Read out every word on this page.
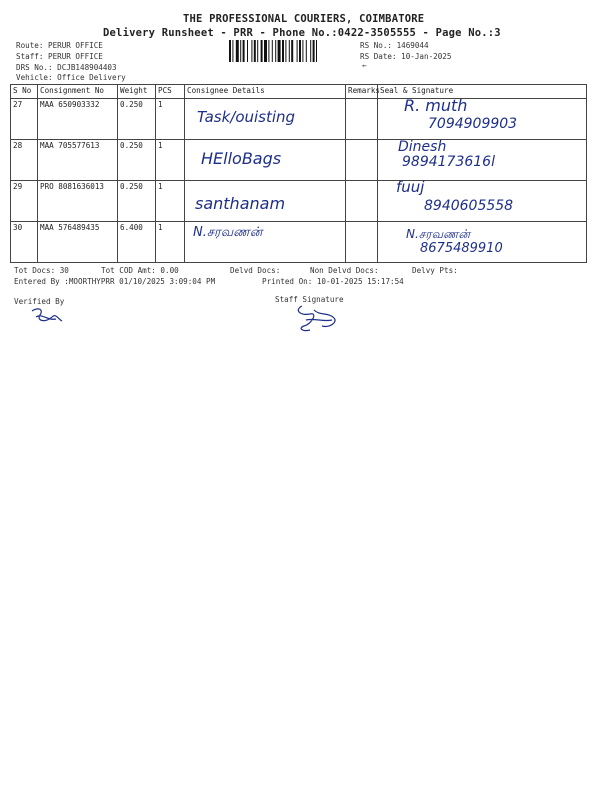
THE PROFESSIONAL COURIERS, COIMBATORE
Delivery Runsheet - PRR - Phone No.:0422-3505555 - Page No.:3
Route: PERUR OFFICE
Staff: PERUR OFFICE
DRS No.: DCJB148904403
Vehicle: Office Delivery
RS No.: 1469044
RS Date: 10-Jan-2025
←
S No	Consignment No	Weight	PCS	Consignee Details	Remarks	Seal & Signature
27	MAA 650903332	0.250	1	Task/ouisting		R. muth
7094909903

28	MAA 705577613	0.250	1	HElloBags		Dinesh
9894173616l

29	PRO 8081636013	0.250	1	santhanam		fuuj
8940605558

30	MAA 576489435	6.400	1	N.சரவணன்		N.சரவணன்
8675489910
Tot Docs: 30	Tot COD Amt: 0.00	Delvd Docs:	Non Delvd Docs:	Delvy Pts:
Entered By :MOORTHYPRR 01/10/2025 3:09:04 PM	Printed On: 10-01-2025 15:17:54
Verified By	Staff Signature
